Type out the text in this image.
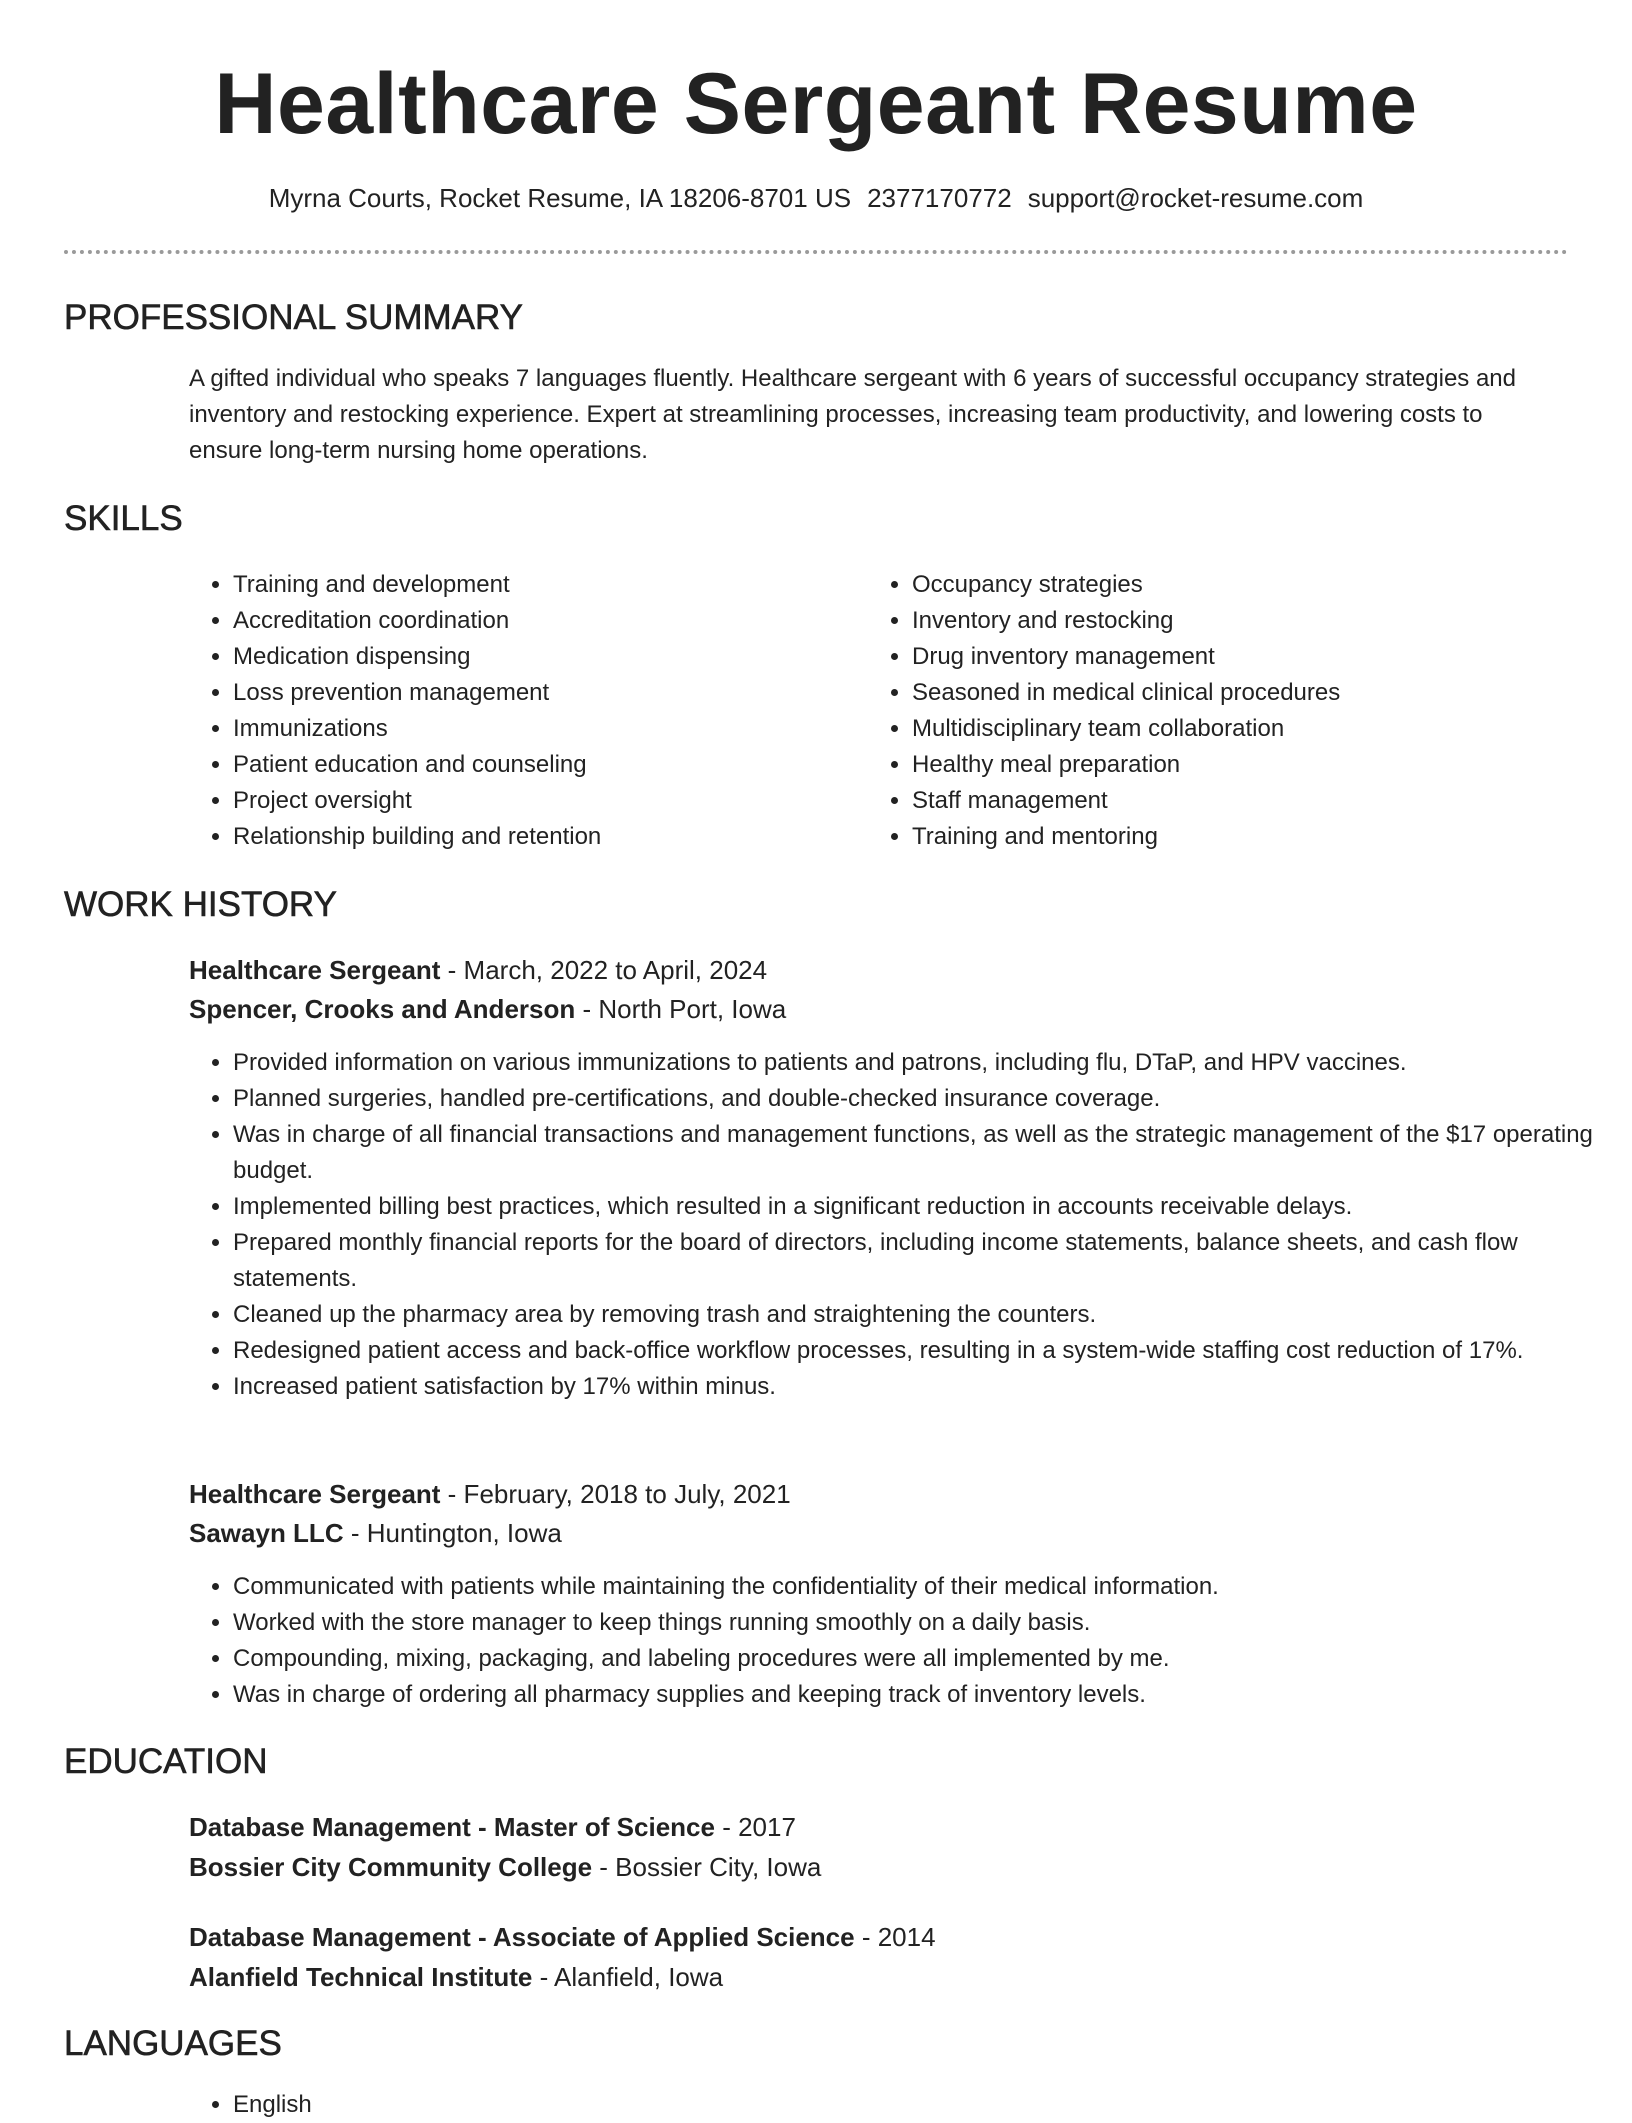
Healthcare Sergeant Resume
Myrna Courts, Rocket Resume, IA 18206-8701 US 2377170772 support@rocket-resume.com
PROFESSIONAL SUMMARY

A gifted individual who speaks 7 languages fluently. Healthcare sergeant with 6 years of successful occupancy strategies and inventory and restocking experience. Expert at streamlining processes, increasing team productivity, and lowering costs to ensure long-term nursing home operations.

SKILLS
• Training and development
• Accreditation coordination
• Medication dispensing
• Loss prevention management
• Immunizations
• Patient education and counseling
• Project oversight
• Relationship building and retention
• Occupancy strategies
• Inventory and restocking
• Drug inventory management
• Seasoned in medical clinical procedures
• Multidisciplinary team collaboration
• Healthy meal preparation
• Staff management
• Training and mentoring
WORK HISTORY
Healthcare Sergeant - March, 2022 to April, 2024
Spencer, Crooks and Anderson - North Port, Iowa
• Provided information on various immunizations to patients and patrons, including flu, DTaP, and HPV vaccines.
• Planned surgeries, handled pre-certifications, and double-checked insurance coverage.
• Was in charge of all financial transactions and management functions, as well as the strategic management of the $17 operating budget.
• Implemented billing best practices, which resulted in a significant reduction in accounts receivable delays.
• Prepared monthly financial reports for the board of directors, including income statements, balance sheets, and cash flow statements.
• Cleaned up the pharmacy area by removing trash and straightening the counters.
• Redesigned patient access and back-office workflow processes, resulting in a system-wide staffing cost reduction of 17%.
• Increased patient satisfaction by 17% within minus.
Healthcare Sergeant - February, 2018 to July, 2021
Sawayn LLC - Huntington, Iowa
• Communicated with patients while maintaining the confidentiality of their medical information.
• Worked with the store manager to keep things running smoothly on a daily basis.
• Compounding, mixing, packaging, and labeling procedures were all implemented by me.
• Was in charge of ordering all pharmacy supplies and keeping track of inventory levels.
EDUCATION
Database Management - Master of Science - 2017
Bossier City Community College - Bossier City, Iowa
Database Management - Associate of Applied Science - 2014
Alanfield Technical Institute - Alanfield, Iowa
LANGUAGES
• English
